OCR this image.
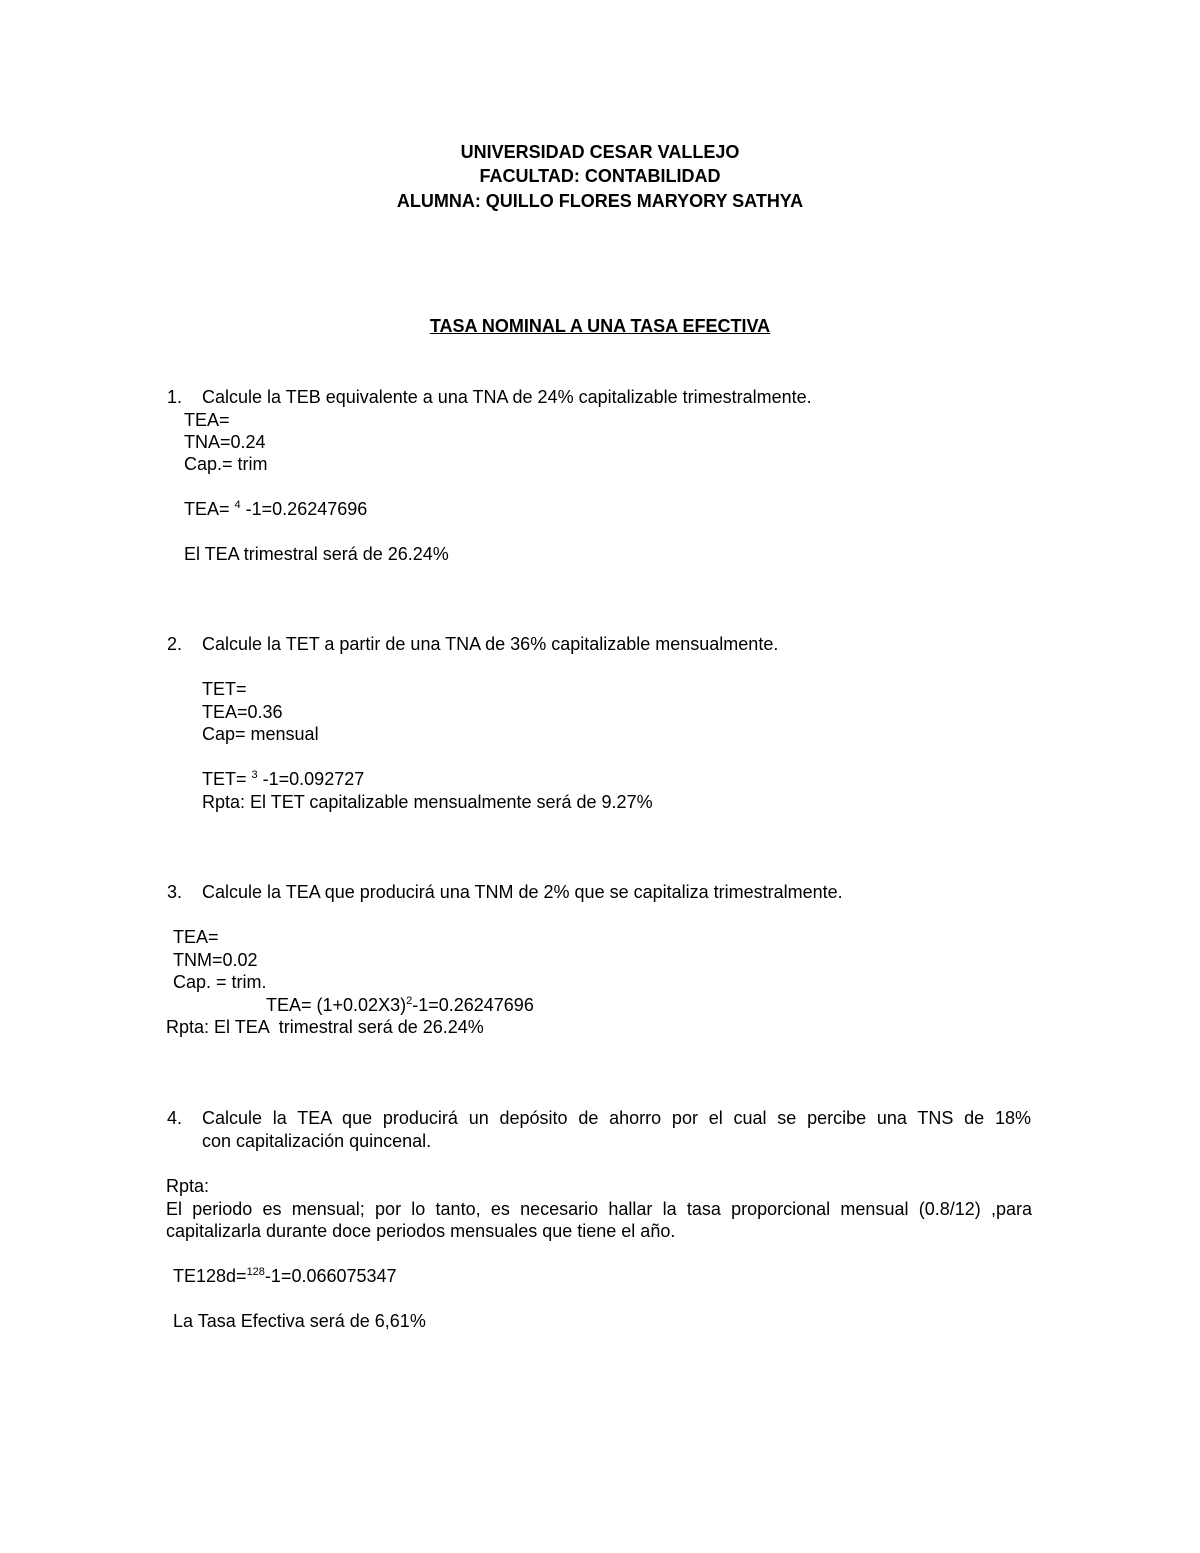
UNIVERSIDAD CESAR VALLEJO
FACULTAD: CONTABILIDAD
ALUMNA: QUILLO FLORES MARYORY SATHYA
TASA NOMINAL A UNA TASA EFECTIVA
1. Calcule la TEB equivalente a una TNA de 24% capitalizable trimestralmente.
TEA=
TNA=0.24
Cap.= trim
TEA= $^4$ -1=0.26247696
El TEA trimestral será de 26.24%
2. Calcule la TET a partir de una TNA de 36% capitalizable mensualmente.
TET=
TEA=0.36
Cap= mensual
TET= $^3$ -1=0.092727
Rpta: El TET capitalizable mensualmente será de 9.27%
3. Calcule la TEA que producirá una TNM de 2% que se capitaliza trimestralmente.
TEA=
TNM=0.02
Cap. = trim.
$TEA= (1+0.02X3)^2-1=0.26247696$
Rpta: El TEA  trimestral será de 26.24%
4. Calcule la TEA que producirá un depósito de ahorro por el cual se percibe una TNS de 18%
con capitalización quincenal.
Rpta:
El periodo es mensual; por lo tanto, es necesario hallar la tasa proporcional mensual (0.8/12) ,para
capitalizarla durante doce periodos mensuales que tiene el año.
TE128d=$^{128}$-1=0.066075347
La Tasa Efectiva será de 6,61%
